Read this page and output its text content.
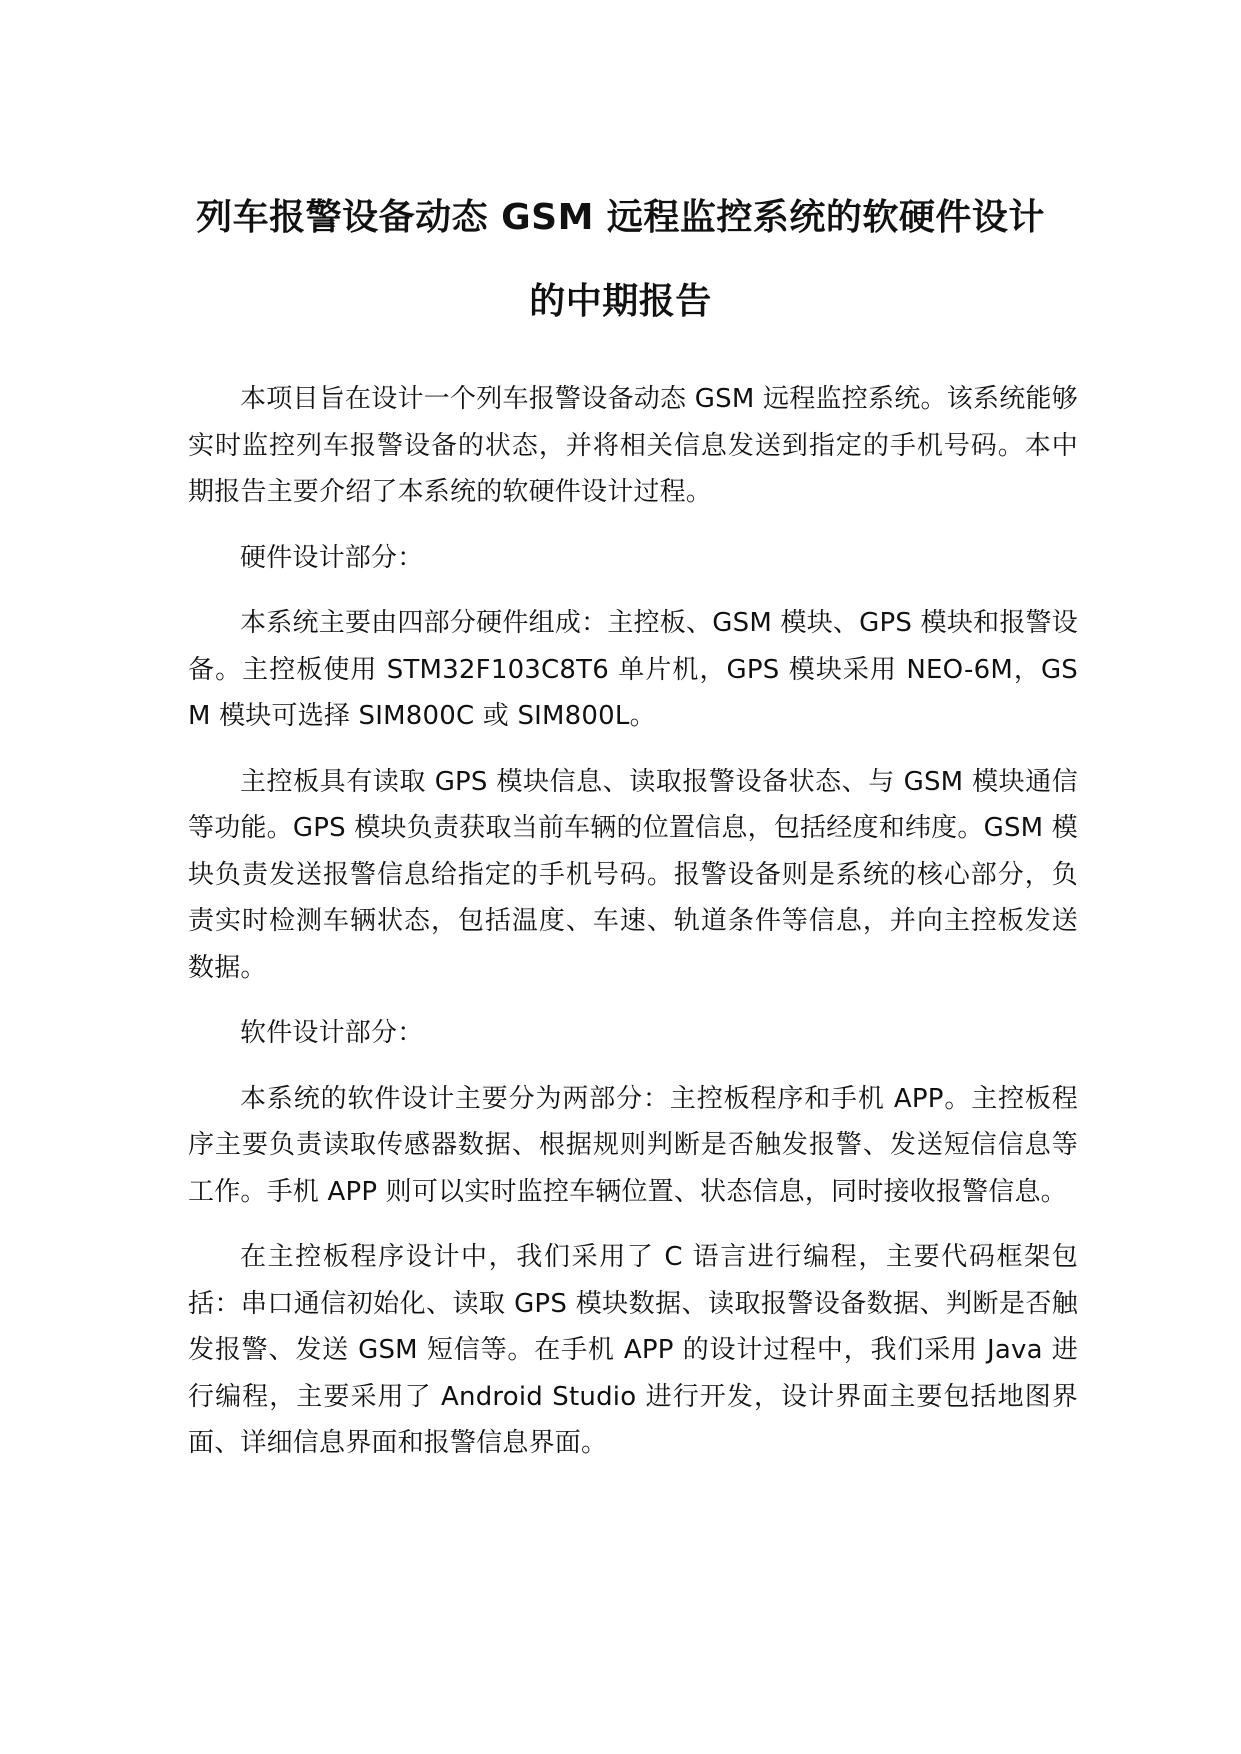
列车报警设备动态 GSM 远程监控系统的软硬件设计
的中期报告

本项目旨在设计一个列车报警设备动态 GSM 远程监控系统。该系统能够实时监控列车报警设备的状态，并将相关信息发送到指定的手机号码。本中期报告主要介绍了本系统的软硬件设计过程。

硬件设计部分：

本系统主要由四部分硬件组成：主控板、GSM 模块、GPS 模块和报警设备。主控板使用 STM32F103C8T6 单片机，GPS 模块采用 NEO-6M，GSM 模块可选择 SIM800C 或 SIM800L。

主控板具有读取 GPS 模块信息、读取报警设备状态、与 GSM 模块通信等功能。GPS 模块负责获取当前车辆的位置信息，包括经度和纬度。GSM 模块负责发送报警信息给指定的手机号码。报警设备则是系统的核心部分，负责实时检测车辆状态，包括温度、车速、轨道条件等信息，并向主控板发送数据。

软件设计部分：

本系统的软件设计主要分为两部分：主控板程序和手机 APP。主控板程序主要负责读取传感器数据、根据规则判断是否触发报警、发送短信信息等工作。手机 APP 则可以实时监控车辆位置、状态信息，同时接收报警信息。

在主控板程序设计中，我们采用了 C 语言进行编程，主要代码框架包括：串口通信初始化、读取 GPS 模块数据、读取报警设备数据、判断是否触发报警、发送 GSM 短信等。在手机 APP 的设计过程中，我们采用 Java 进行编程，主要采用了 Android Studio 进行开发，设计界面主要包括地图界面、详细信息界面和报警信息界面。
